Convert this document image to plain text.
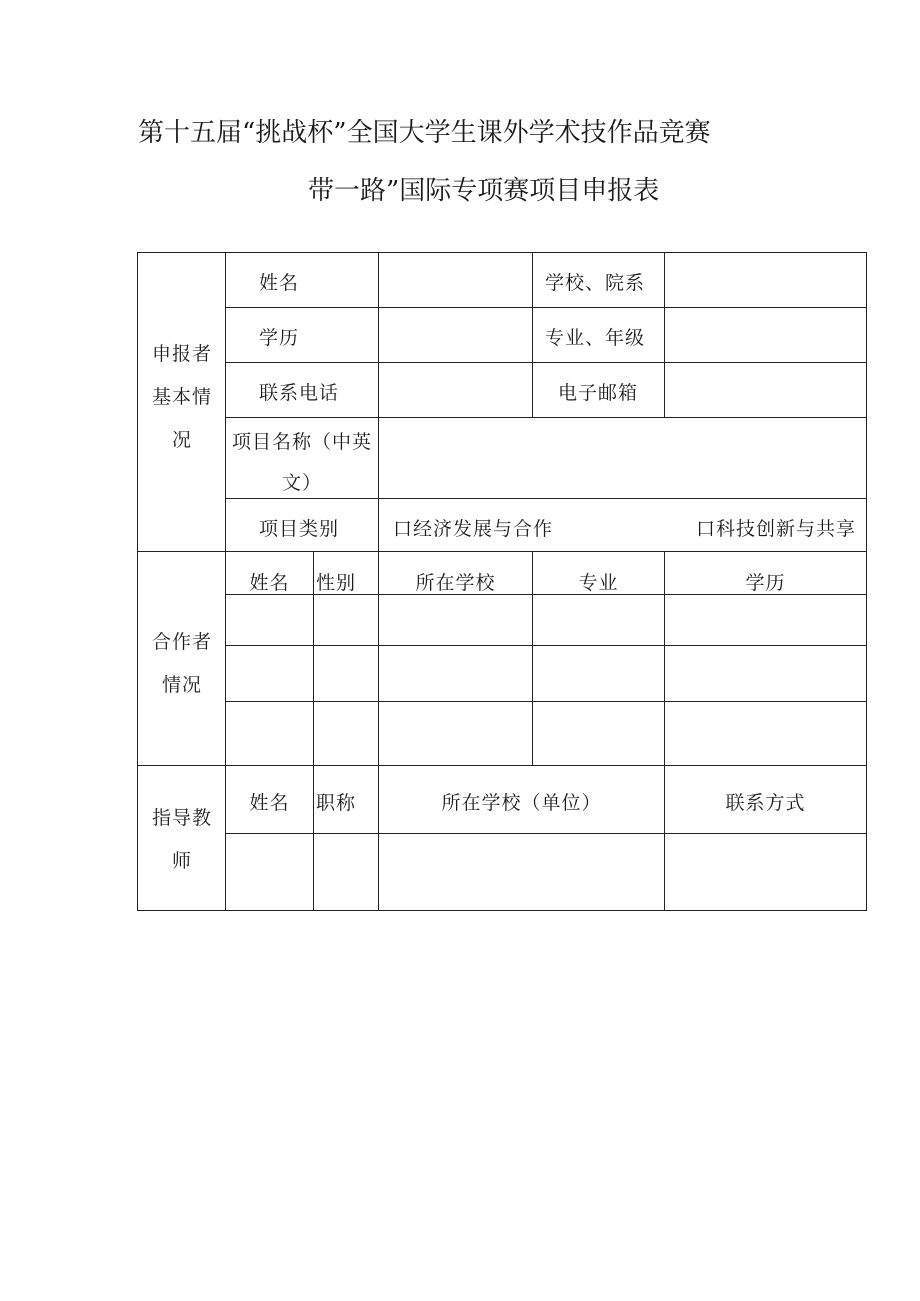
第十五届“挑战杯”全国大学生课外学术技作品竞赛
带一路”国际专项赛项目申报表
申报者基本情况
姓名	学校、院系
学历	专业、年级
联系电话	电子邮箱
项目名称（中英文）
项目类别	口经济发展与合作	口科技创新与共享
合作者情况
姓名	性别	所在学校	专业	学历
指导教师
姓名	职称	所在学校（单位）	联系方式
